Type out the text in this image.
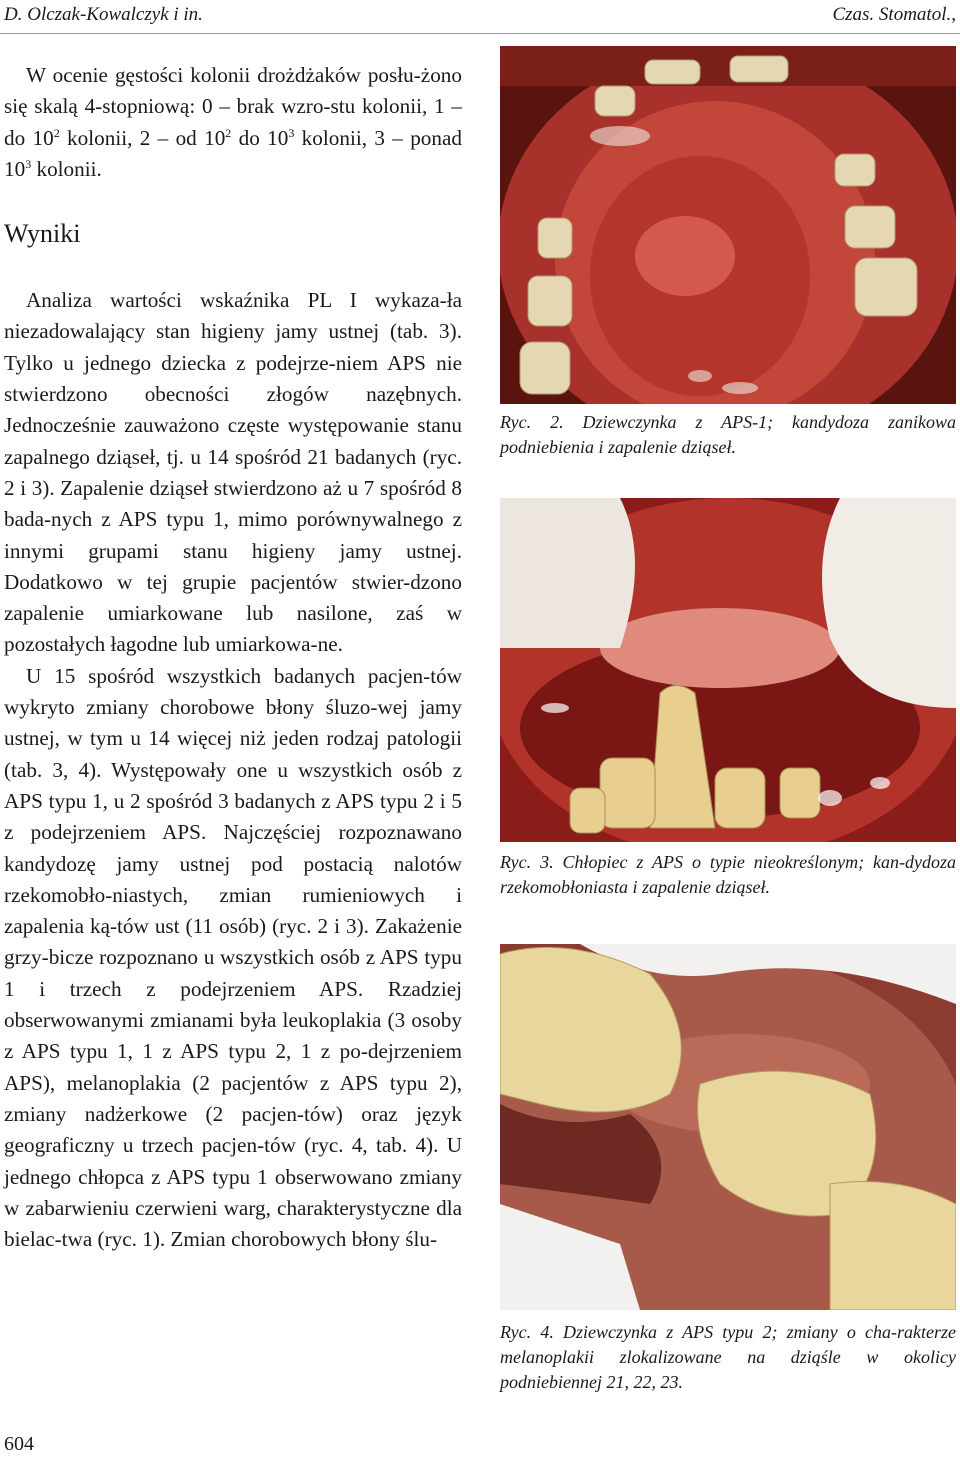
D. Olczak-Kowalczyk i in.	Czas. Stomatol.,

W ocenie gęstości kolonii drożdżaków posłu-żono się skalą 4-stopniową: 0 – brak wzro-stu kolonii, 1 – do $10^2$ kolonii, 2 – od $10^2$ do $10^3$ kolonii, 3 – ponad $10^3$ kolonii.

Wyniki

Analiza wartości wskaźnika PL I wykaza-ła niezadowalający stan higieny jamy ustnej (tab. 3). Tylko u jednego dziecka z podejrze-niem APS nie stwierdzono obecności złogów nazębnych. Jednocześnie zauważono częste występowanie stanu zapalnego dziąseł, tj. u 14 spośród 21 badanych (ryc. 2 i 3). Zapalenie dziąseł stwierdzono aż u 7 spośród 8 bada-nych z APS typu 1, mimo porównywalnego z innymi grupami stanu higieny jamy ustnej. Dodatkowo w tej grupie pacjentów stwier-dzono zapalenie umiarkowane lub nasilone, zaś w pozostałych łagodne lub umiarkowa-ne.

U 15 spośród wszystkich badanych pacjen-tów wykryto zmiany chorobowe błony śluzo-wej jamy ustnej, w tym u 14 więcej niż jeden rodzaj patologii (tab. 3, 4). Występowały one u wszystkich osób z APS typu 1, u 2 spośród 3 badanych z APS typu 2 i 5 z podejrzeniem APS. Najczęściej rozpoznawano kandydozę jamy ustnej pod postacią nalotów rzekomobło-niastych, zmian rumieniowych i zapalenia ką-tów ust (11 osób) (ryc. 2 i 3). Zakażenie grzy-bicze rozpoznano u wszystkich osób z APS typu 1 i trzech z podejrzeniem APS. Rzadziej obserwowanymi zmianami była leukoplakia (3 osoby z APS typu 1, 1 z APS typu 2, 1 z po-dejrzeniem APS), melanoplakia (2 pacjentów z APS typu 2), zmiany nadżerkowe (2 pacjen-tów) oraz język geograficzny u trzech pacjen-tów (ryc. 4, tab. 4). U jednego chłopca z APS typu 1 obserwowano zmiany w zabarwieniu czerwieni warg, charakterystyczne dla bielac-twa (ryc. 1). Zmian chorobowych błony ślu-

Ryc. 2. Dziewczynka z APS-1; kandydoza zanikowa podniebienia i zapalenie dziąseł.
Ryc. 3. Chłopiec z APS o typie nieokreślonym; kan-dydoza rzekomobłoniasta i zapalenie dziąseł.
Ryc. 4. Dziewczynka z APS typu 2; zmiany o cha-rakterze melanoplakii zlokalizowane na dziąśle w okolicy podniebiennej 21, 22, 23.
604
